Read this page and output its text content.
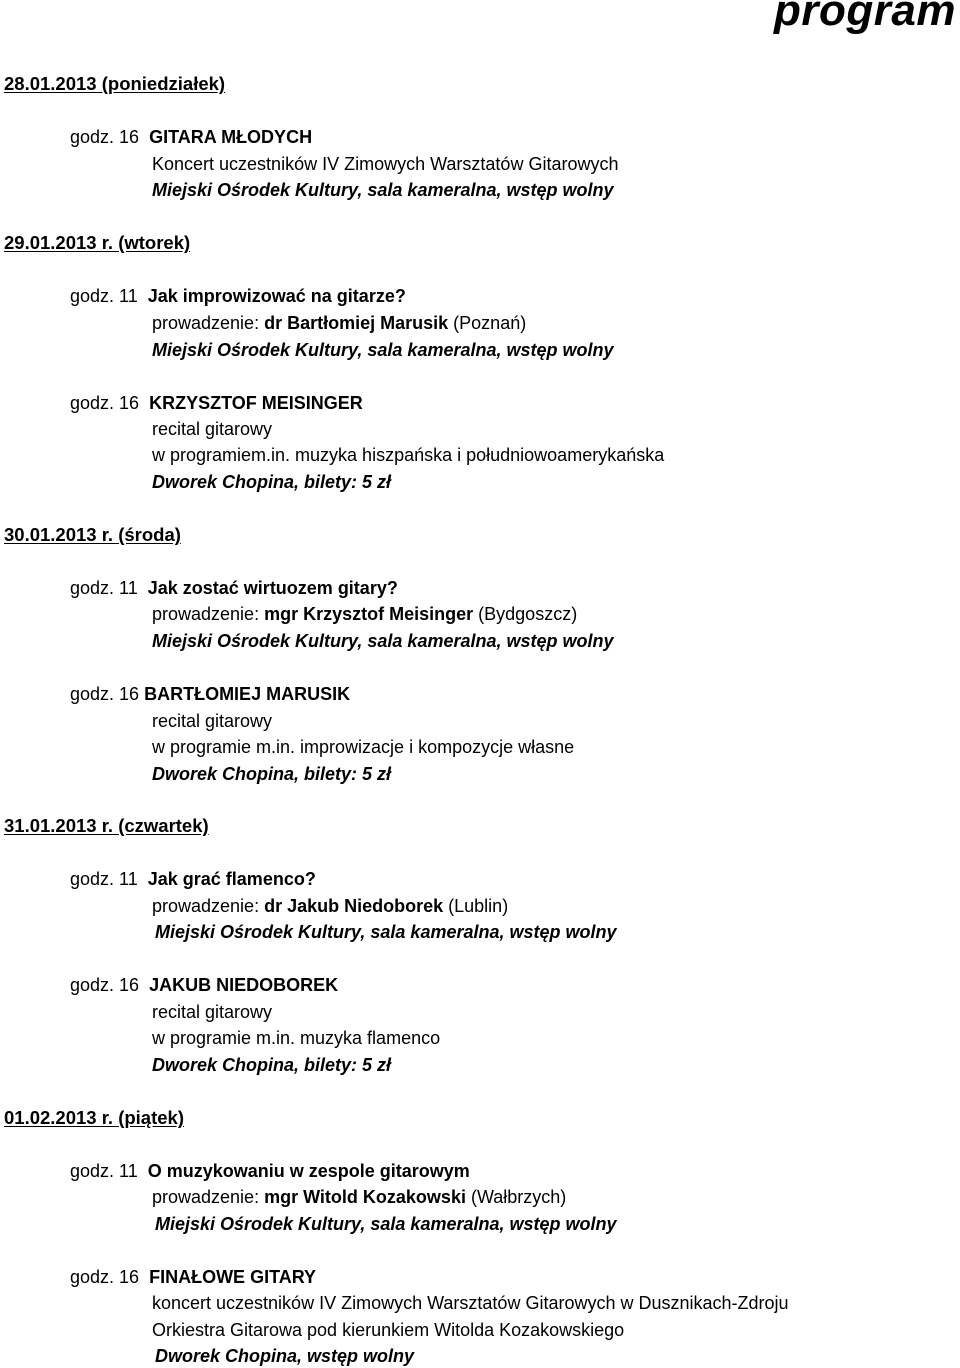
program
28.01.2013 (poniedziałek)
godz. 16 GITARA MŁODYCH
Koncert uczestników IV Zimowych Warsztatów Gitarowych
Miejski Ośrodek Kultury, sala kameralna, wstęp wolny
29.01.2013 r. (wtorek)
godz. 11 Jak improwizować na gitarze?
prowadzenie: dr Bartłomiej Marusik (Poznań)
Miejski Ośrodek Kultury, sala kameralna, wstęp wolny
godz. 16 KRZYSZTOF MEISINGER
recital gitarowy
w programiem.in. muzyka hiszpańska i południowoamerykańska
Dworek Chopina, bilety: 5 zł
30.01.2013 r. (środa)
godz. 11 Jak zostać wirtuozem gitary?
prowadzenie: mgr Krzysztof Meisinger (Bydgoszcz)
Miejski Ośrodek Kultury, sala kameralna, wstęp wolny
godz. 16 BARTŁOMIEJ MARUSIK
recital gitarowy
w programie m.in. improwizacje i kompozycje własne
Dworek Chopina, bilety: 5 zł
31.01.2013 r. (czwartek)
godz. 11 Jak grać flamenco?
prowadzenie: dr Jakub Niedoborek (Lublin)
Miejski Ośrodek Kultury, sala kameralna, wstęp wolny
godz. 16 JAKUB NIEDOBOREK
recital gitarowy
w programie m.in. muzyka flamenco
Dworek Chopina, bilety: 5 zł
01.02.2013 r. (piątek)
godz. 11 O muzykowaniu w zespole gitarowym
prowadzenie: mgr Witold Kozakowski (Wałbrzych)
Miejski Ośrodek Kultury, sala kameralna, wstęp wolny
godz. 16 FINAŁOWE GITARY
koncert uczestników IV Zimowych Warsztatów Gitarowych w Dusznikach-Zdroju
Orkiestra Gitarowa pod kierunkiem Witolda Kozakowskiego
Dworek Chopina, wstęp wolny
